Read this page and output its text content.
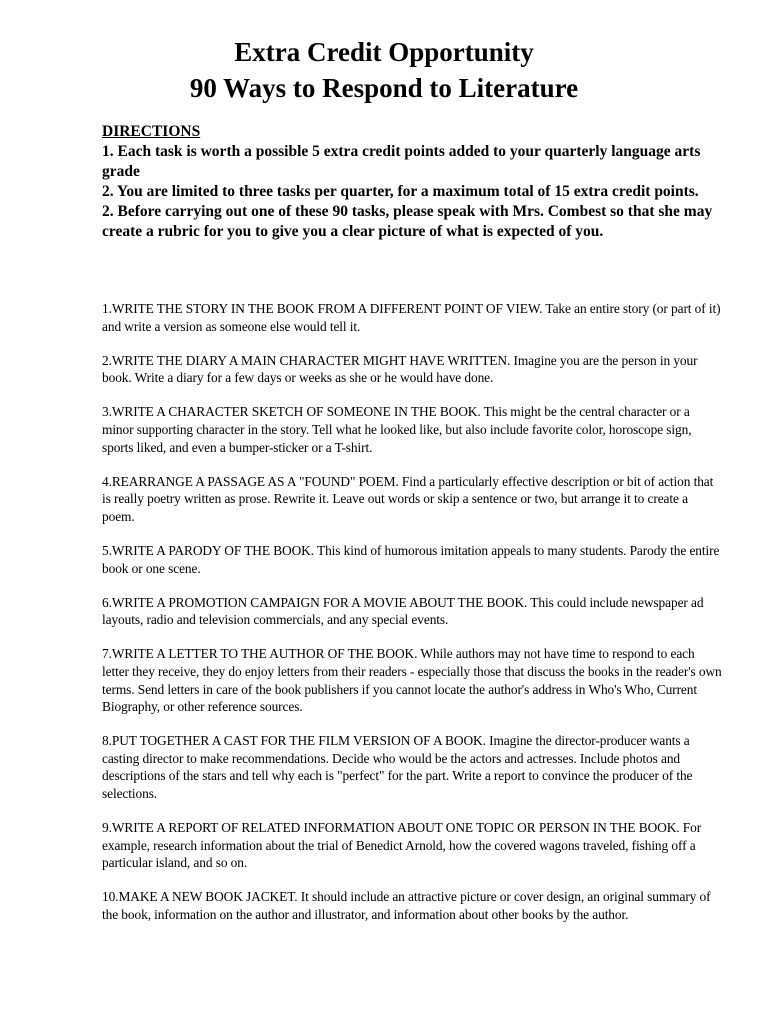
Extra Credit Opportunity
90 Ways to Respond to Literature
DIRECTIONS
1. Each task is worth a possible 5 extra credit points added to your quarterly language arts grade
2. You are limited to three tasks per quarter, for a maximum total of 15 extra credit points.
2. Before carrying out one of these 90 tasks, please speak with Mrs. Combest so that she may create a rubric for you to give you a clear picture of what is expected of you.

1.WRITE THE STORY IN THE BOOK FROM A DIFFERENT POINT OF VIEW. Take an entire story (or part of it) and write a version as someone else would tell it.

2.WRITE THE DIARY A MAIN CHARACTER MIGHT HAVE WRITTEN. Imagine you are the person in your book. Write a diary for a few days or weeks as she or he would have done.

3.WRITE A CHARACTER SKETCH OF SOMEONE IN THE BOOK. This might be the central character or a minor supporting character in the story. Tell what he looked like, but also include favorite color, horoscope sign, sports liked, and even a bumper-sticker or a T-shirt.

4.REARRANGE A PASSAGE AS A "FOUND" POEM. Find a particularly effective description or bit of action that is really poetry written as prose. Rewrite it. Leave out words or skip a sentence or two, but arrange it to create a poem.

5.WRITE A PARODY OF THE BOOK. This kind of humorous imitation appeals to many students. Parody the entire book or one scene.

6.WRITE A PROMOTION CAMPAIGN FOR A MOVIE ABOUT THE BOOK. This could include newspaper ad layouts, radio and television commercials, and any special events.

7.WRITE A LETTER TO THE AUTHOR OF THE BOOK. While authors may not have time to respond to each letter they receive, they do enjoy letters from their readers - especially those that discuss the books in the reader's own terms. Send letters in care of the book publishers if you cannot locate the author's address in Who's Who, Current Biography, or other reference sources.

8.PUT TOGETHER A CAST FOR THE FILM VERSION OF A BOOK. Imagine the director-producer wants a casting director to make recommendations. Decide who would be the actors and actresses. Include photos and descriptions of the stars and tell why each is "perfect" for the part. Write a report to convince the producer of the selections.

9.WRITE A REPORT OF RELATED INFORMATION ABOUT ONE TOPIC OR PERSON IN THE BOOK. For example, research information about the trial of Benedict Arnold, how the covered wagons traveled, fishing off a particular island, and so on.

10.MAKE A NEW BOOK JACKET. It should include an attractive picture or cover design, an original summary of the book, information on the author and illustrator, and information about other books by the author.
